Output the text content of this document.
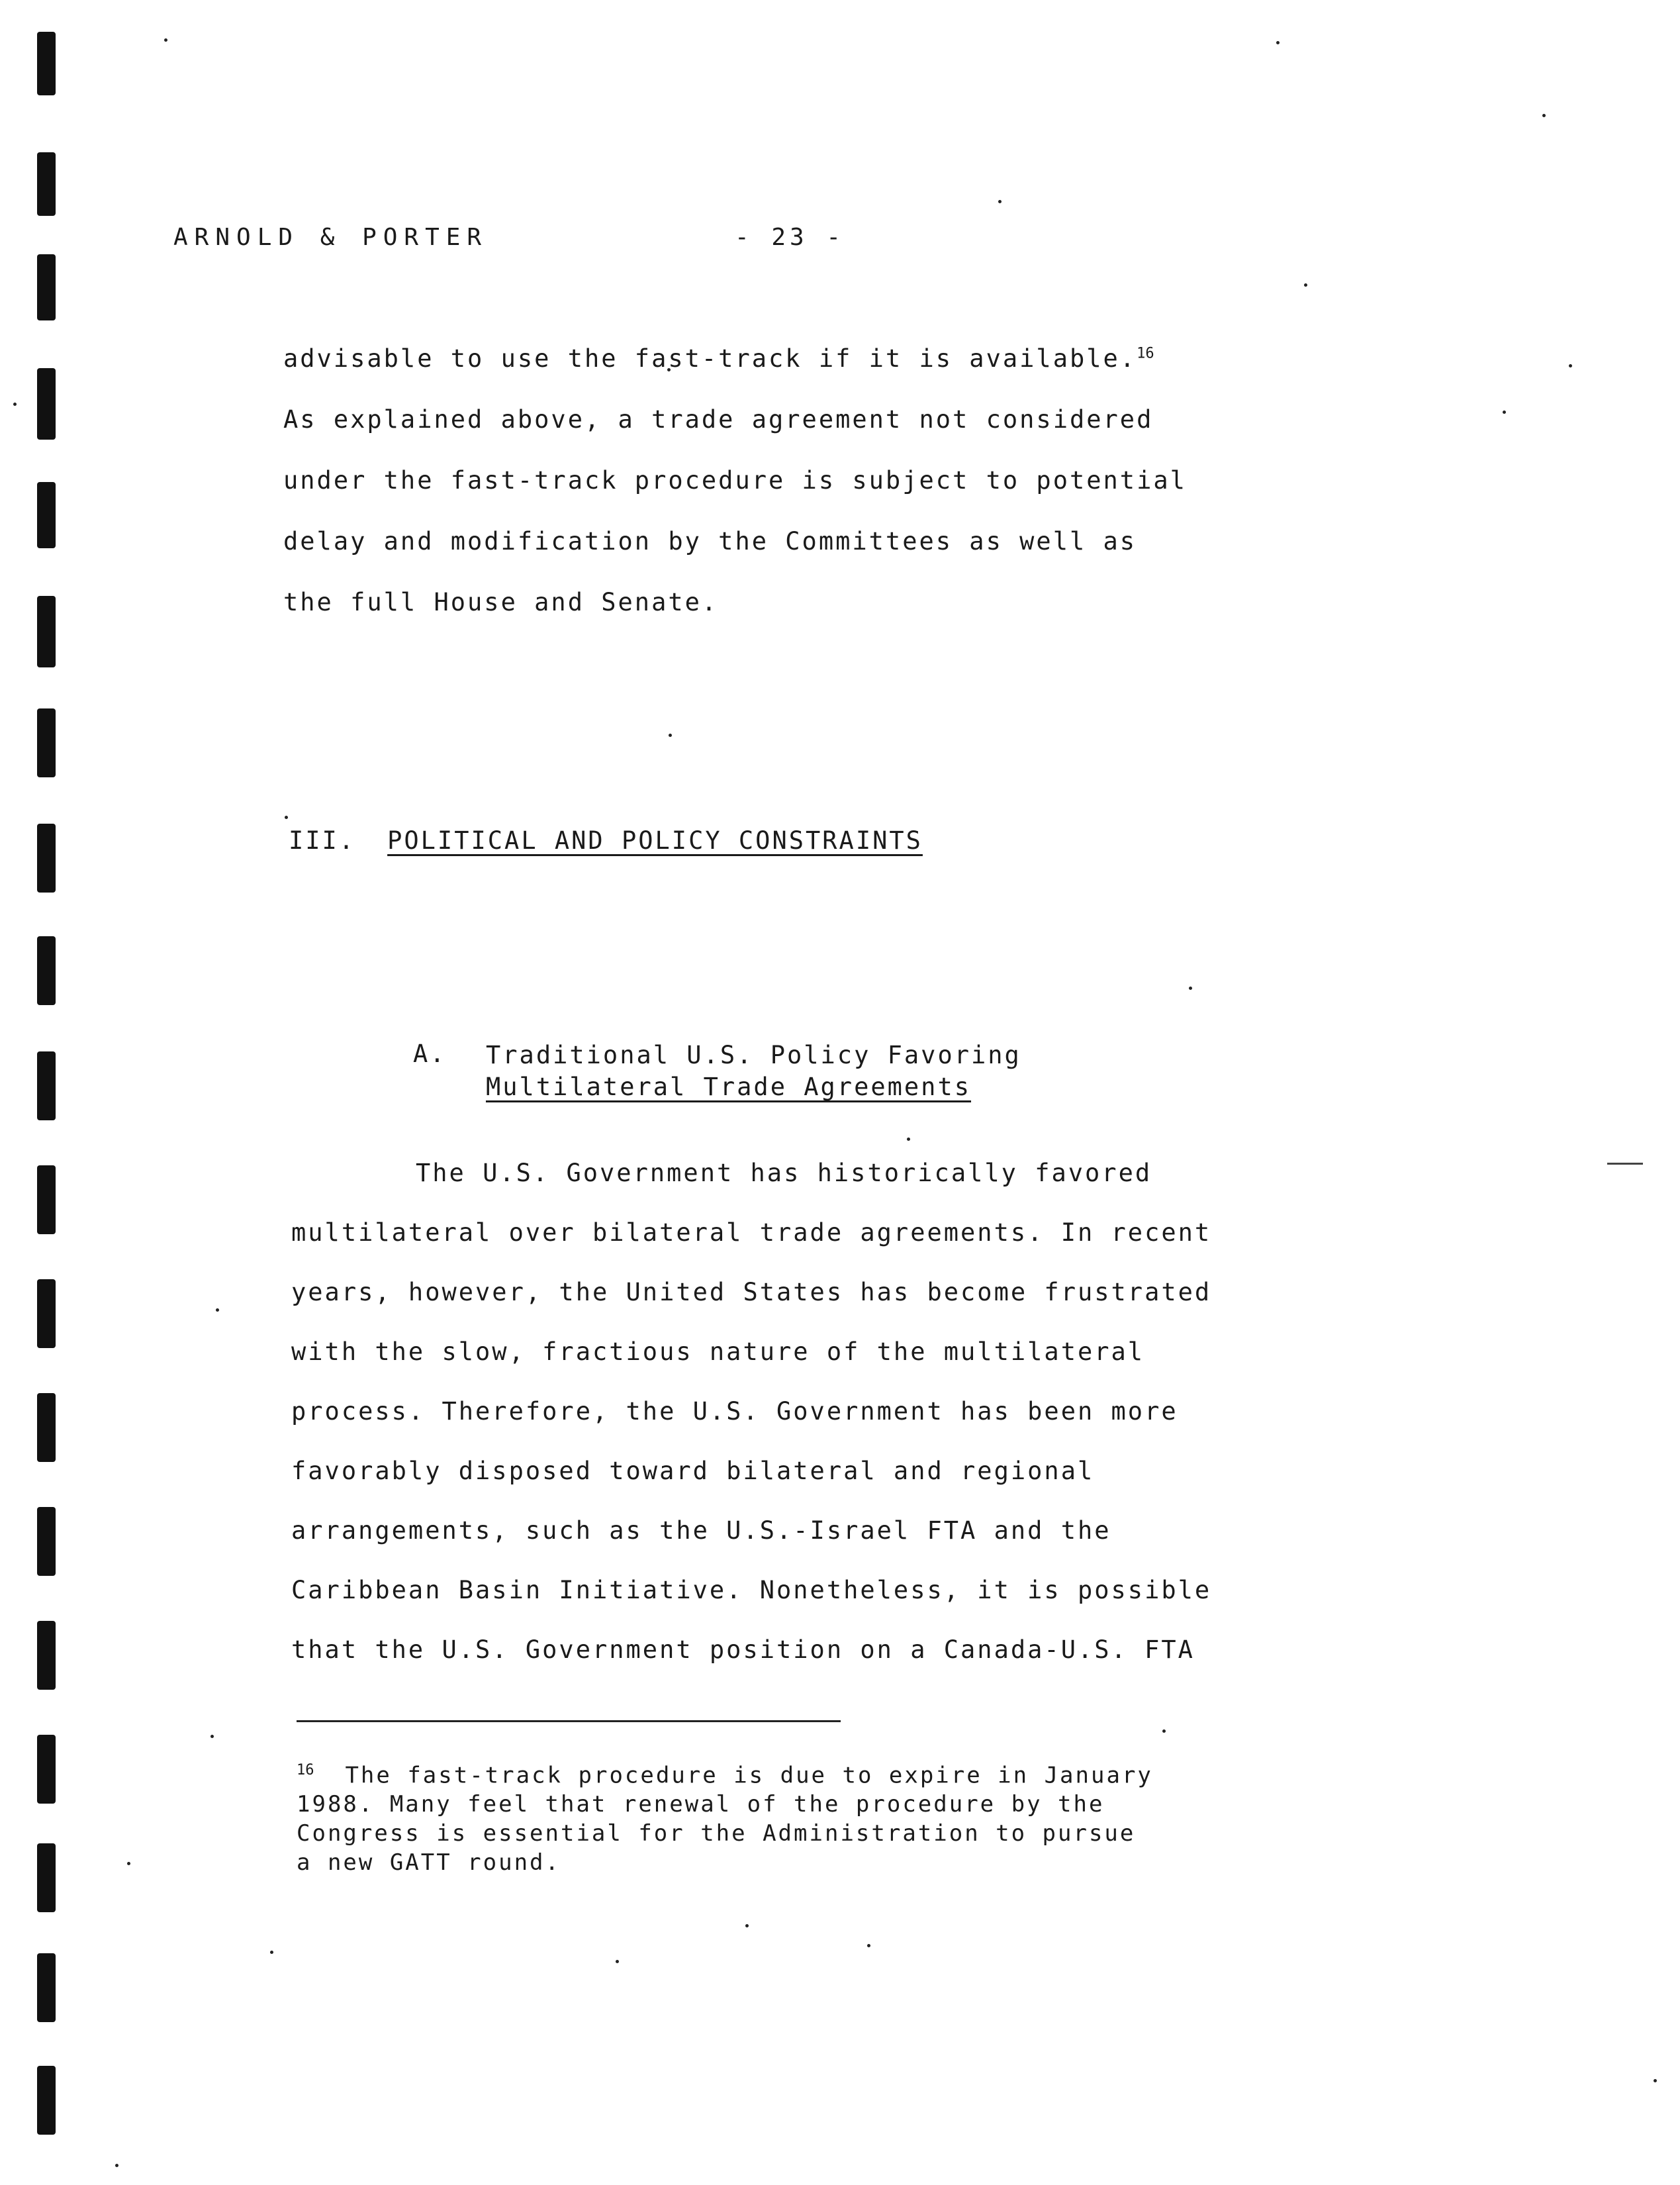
ARNOLD & PORTER	- 23 -
advisable to use the fast-track if it is available.$^{16}$
As explained above, a trade agreement not considered
under the fast-track procedure is subject to potential
delay and modification by the Committees as well as
the full House and Senate.
III. POLITICAL AND POLICY CONSTRAINTS
A. Traditional U.S. Policy Favoring
Multilateral Trade Agreements
The U.S. Government has historically favored
multilateral over bilateral trade agreements. In recent
years, however, the United States has become frustrated
with the slow, fractious nature of the multilateral
process. Therefore, the U.S. Government has been more
favorably disposed toward bilateral and regional
arrangements, such as the U.S.-Israel FTA and the
Caribbean Basin Initiative. Nonetheless, it is possible
that the U.S. Government position on a Canada-U.S. FTA
$^{16}$ The fast-track procedure is due to expire in January
1988. Many feel that renewal of the procedure by the
Congress is essential for the Administration to pursue
a new GATT round.
